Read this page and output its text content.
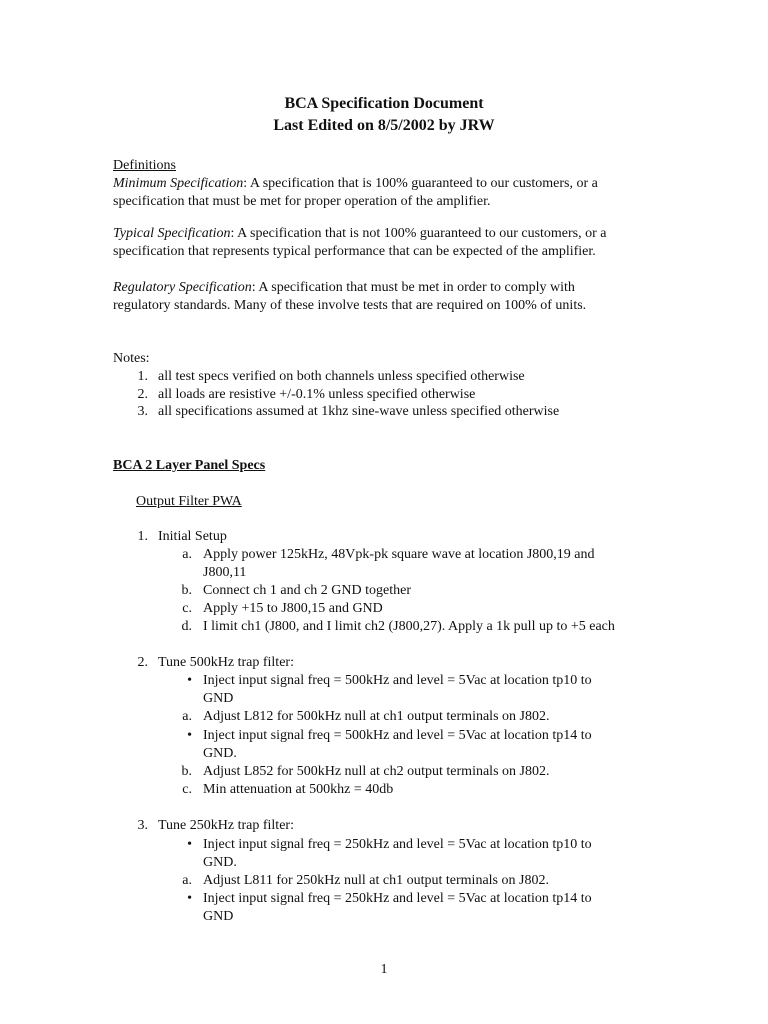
BCA Specification Document
Last Edited on 8/5/2002 by JRW
Definitions
Minimum Specification: A specification that is 100% guaranteed to our customers, or a
specification that must be met for proper operation of the amplifier.
Typical Specification: A specification that is not 100% guaranteed to our customers, or a
specification that represents typical performance that can be expected of the amplifier.
Regulatory Specification: A specification that must be met in order to comply with
regulatory standards. Many of these involve tests that are required on 100% of units.
Notes:
1. all test specs verified on both channels unless specified otherwise
2. all loads are resistive +/-0.1% unless specified otherwise
3. all specifications assumed at 1khz sine-wave unless specified otherwise
BCA 2 Layer Panel Specs
Output Filter PWA
1. Initial Setup
a. Apply power 125kHz, 48Vpk-pk square wave at location J800,19 and
J800,11
b. Connect ch 1 and ch 2 GND together
c. Apply +15 to J800,15 and GND
d. I limit ch1 (J800, and I limit ch2 (J800,27). Apply a 1k pull up to +5 each
2. Tune 500kHz trap filter:
• Inject input signal freq = 500kHz and level = 5Vac at location tp10 to
GND
a. Adjust L812 for 500kHz null at ch1 output terminals on J802.
• Inject input signal freq = 500kHz and level = 5Vac at location tp14 to
GND.
b. Adjust L852 for 500kHz null at ch2 output terminals on J802.
c. Min attenuation at 500khz = 40db
3. Tune 250kHz trap filter:
• Inject input signal freq = 250kHz and level = 5Vac at location tp10 to
GND.
a. Adjust L811 for 250kHz null at ch1 output terminals on J802.
• Inject input signal freq = 250kHz and level = 5Vac at location tp14 to
GND
1
